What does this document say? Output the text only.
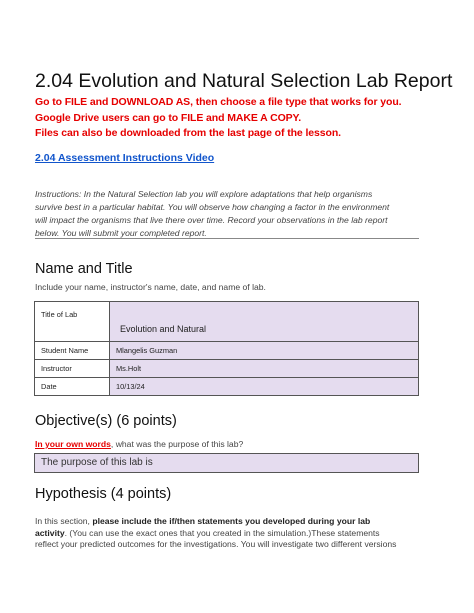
2.04 Evolution and Natural Selection Lab Report
Go to FILE and DOWNLOAD AS, then choose a file type that works for you.
Google Drive users can go to FILE and MAKE A COPY.
Files can also be downloaded from the last page of the lesson.
2.04 Assessment Instructions Video
Instructions: In the Natural Selection lab you will explore adaptations that help organisms
survive best in a particular habitat. You will observe how changing a factor in the environment
will impact the organisms that live there over time. Record your observations in the lab report
below. You will submit your completed report.
Name and Title
Include your name, instructor's name, date, and name of lab.
Title of Lab	Evolution and Natural
Student Name	Mlangelis Guzman
Instructor	Ms.Holt
Date	10/13/24
Objective(s) (6 points)
In your own words, what was the purpose of this lab?
The purpose of this lab is
Hypothesis (4 points)
In this section, please include the if/then statements you developed during your lab
activity. (You can use the exact ones that you created in the simulation.)These statements
reflect your predicted outcomes for the investigations. You will investigate two different versions
